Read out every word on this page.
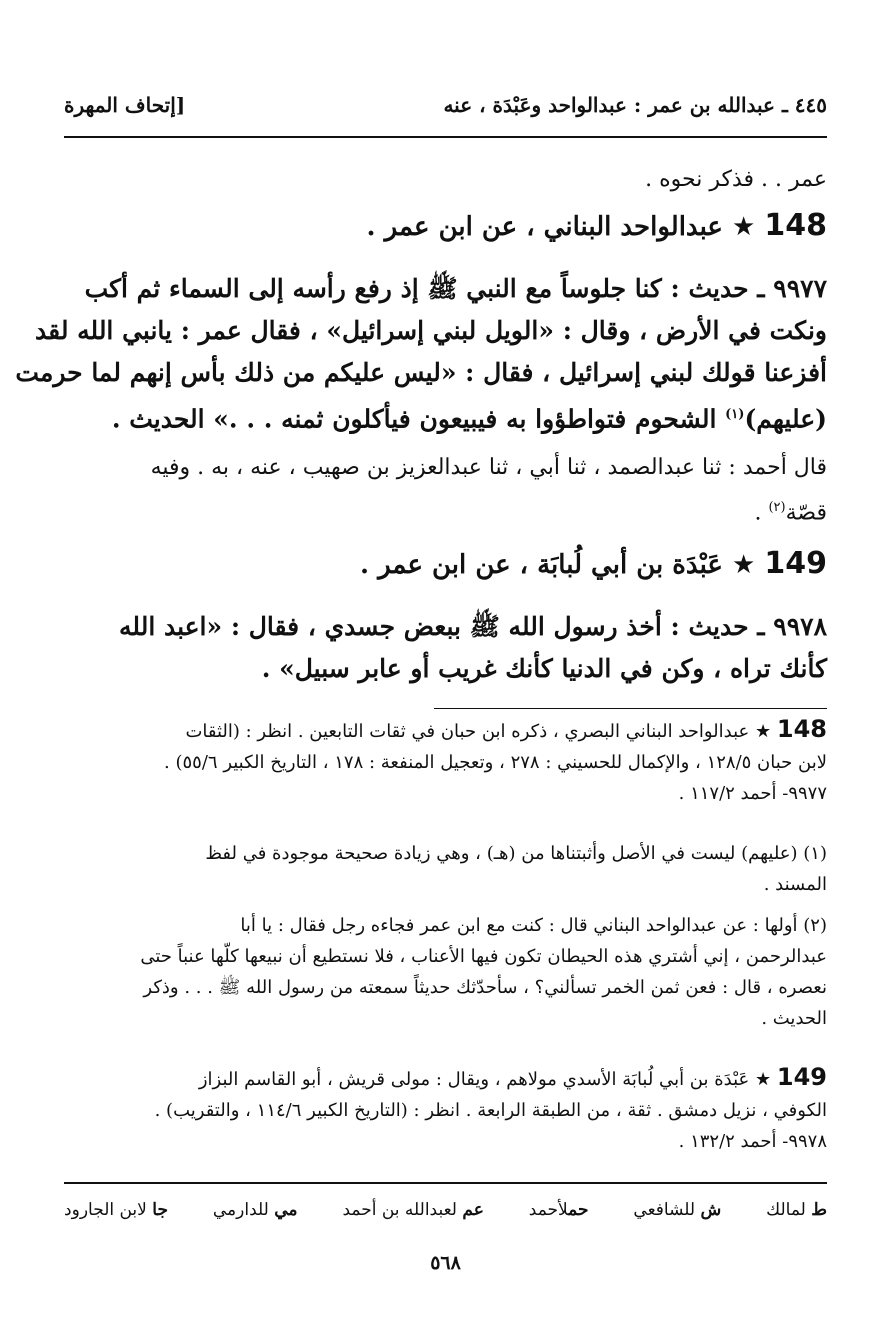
٤٤٥ ـ عبدالله بن عمر : عبدالواحد وعَبْدَة ، عنه
[إتحاف المهرة

عمر . . فذكر نحوه .

148 ★ عبدالواحد البناني ، عن ابن عمر .

٩٩٧٧ ـ حديث : كنا جلوساً مع النبي ﷺ إذ رفع رأسه إلى السماء ثم أكب

ونكت في الأرض ، وقال : «الويل لبني إسرائيل» ، فقال عمر : يانبي الله لقد

أفزعنا قولك لبني إسرائيل ، فقال : «ليس عليكم من ذلك بأس إنهم لما حرمت

(عليهم)$^{(١)}$ الشحوم فتواطؤوا به فيبيعون فيأكلون ثمنه . . .» الحديث .

قال أحمد : ثنا عبدالصمد ، ثنا أبي ، ثنا عبدالعزيز بن صهيب ، عنه ، به . وفيه

قصّة$^{(٢)}$ .

149 ★ عَبْدَة بن أبي لُبابَة ، عن ابن عمر .

٩٩٧٨ ـ حديث : أخذ رسول الله ﷺ ببعض جسدي ، فقال : «اعبد الله

كأنك تراه ، وكن في الدنيا كأنك غريب أو عابر سبيل» .

148 ★ عبدالواحد البناني البصري ، ذكره ابن حبان في ثقات التابعين . انظر : (الثقات

لابن حبان ١٢٨/٥ ، والإكمال للحسيني : ٢٧٨ ، وتعجيل المنفعة : ١٧٨ ، التاريخ الكبير ٥٥/٦) .

٩٩٧٧- أحمد ١١٧/٢ .

(١) (عليهم) ليست في الأصل وأثبتناها من (هـ) ، وهي زيادة صحيحة موجودة في لفظ

المسند .

(٢) أولها : عن عبدالواحد البناني قال : كنت مع ابن عمر فجاءه رجل فقال : يا أبا

عبدالرحمن ، إني أشتري هذه الحيطان تكون فيها الأعناب ، فلا نستطيع أن نبيعها كلّها عنباً حتى

نعصره ، قال : فعن ثمن الخمر تسألني؟ ، سأحدّثك حديثاً سمعته من رسول الله ﷺ . . . وذكر

الحديث .

149 ★ عَبْدَة بن أبي لُبابَة الأسدي مولاهم ، ويقال : مولى قريش ، أبو القاسم البزاز

الكوفي ، نزيل دمشق . ثقة ، من الطبقة الرابعة . انظر : (التاريخ الكبير ١١٤/٦ ، والتقريب) .

٩٩٧٨- أحمد ١٣٢/٢ .

ط لمالك
ش للشافعي
حملأحمد
عم لعبدالله بن أحمد
مي للدارمي
جا لابن الجارود
٥٦٨
